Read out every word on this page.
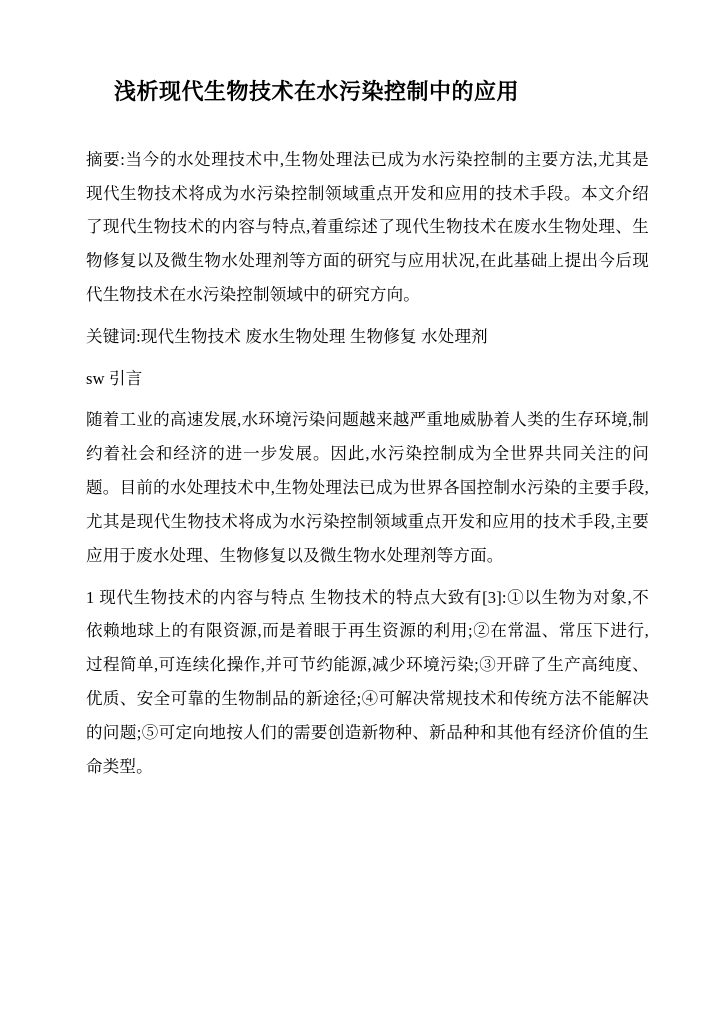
浅析现代生物技术在水污染控制中的应用

摘要:当今的水处理技术中,生物处理法已成为水污染控制的主要方法,尤其是现代生物技术将成为水污染控制领域重点开发和应用的技术手段。本文介绍了现代生物技术的内容与特点,着重综述了现代生物技术在废水生物处理、生物修复以及微生物水处理剂等方面的研究与应用状况,在此基础上提出今后现代生物技术在水污染控制领域中的研究方向。

关键词:现代生物技术 废水生物处理 生物修复 水处理剂

sw 引言

随着工业的高速发展,水环境污染问题越来越严重地威胁着人类的生存环境,制约着社会和经济的进一步发展。因此,水污染控制成为全世界共同关注的问题。目前的水处理技术中,生物处理法已成为世界各国控制水污染的主要手段,尤其是现代生物技术将成为水污染控制领域重点开发和应用的技术手段,主要应用于废水处理、生物修复以及微生物水处理剂等方面。

1 现代生物技术的内容与特点 生物技术的特点大致有[3]:①以生物为对象,不依赖地球上的有限资源,而是着眼于再生资源的利用;②在常温、常压下进行,过程简单,可连续化操作,并可节约能源,减少环境污染;③开辟了生产高纯度、优质、安全可靠的生物制品的新途径;④可解决常规技术和传统方法不能解决的问题;⑤可定向地按人们的需要创造新物种、新品种和其他有经济价值的生命类型。
